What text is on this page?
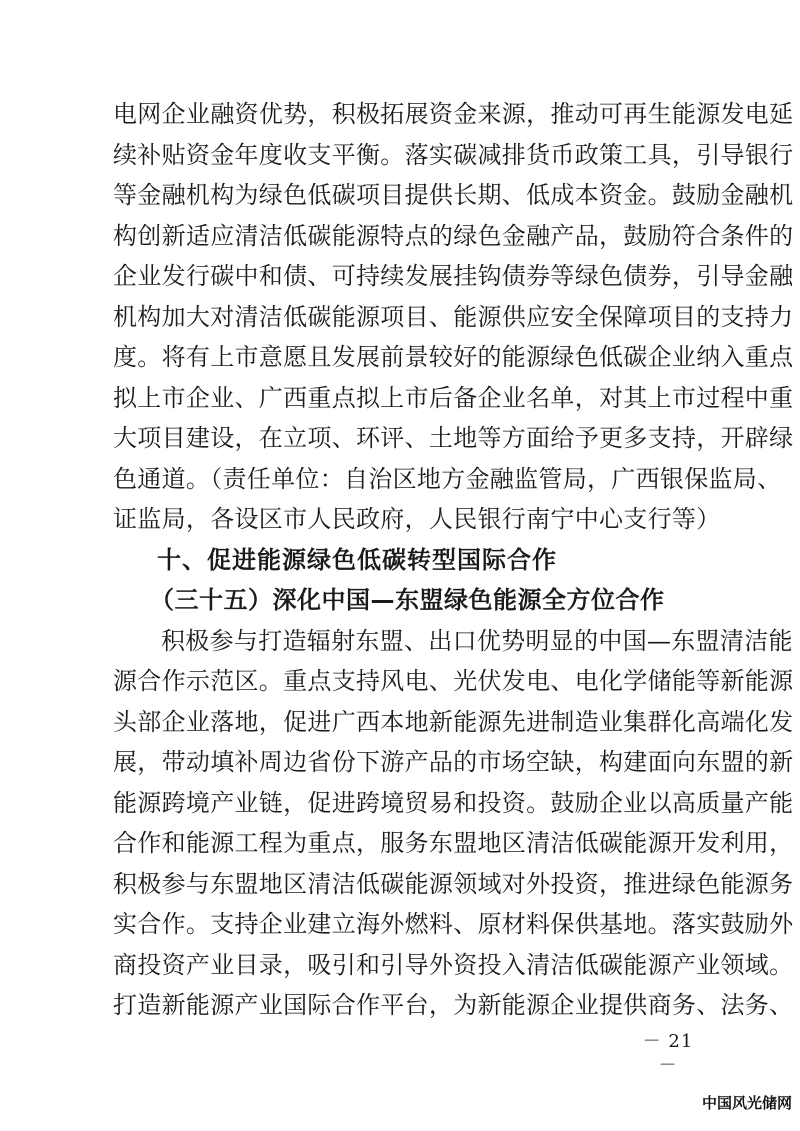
电网企业融资优势，积极拓展资金来源，推动可再生能源发电延
续补贴资金年度收支平衡。落实碳减排货币政策工具，引导银行
等金融机构为绿色低碳项目提供长期、低成本资金。鼓励金融机
构创新适应清洁低碳能源特点的绿色金融产品，鼓励符合条件的
企业发行碳中和债、可持续发展挂钩债券等绿色债券，引导金融
机构加大对清洁低碳能源项目、能源供应安全保障项目的支持力
度。将有上市意愿且发展前景较好的能源绿色低碳企业纳入重点
拟上市企业、广西重点拟上市后备企业名单，对其上市过程中重
大项目建设，在立项、环评、土地等方面给予更多支持，开辟绿
色通道。（责任单位：自治区地方金融监管局，广西银保监局、
证监局，各设区市人民政府，人民银行南宁中心支行等）
十、促进能源绿色低碳转型国际合作
（三十五）深化中国—东盟绿色能源全方位合作
积极参与打造辐射东盟、出口优势明显的中国—东盟清洁能
源合作示范区。重点支持风电、光伏发电、电化学储能等新能源
头部企业落地，促进广西本地新能源先进制造业集群化高端化发
展，带动填补周边省份下游产品的市场空缺，构建面向东盟的新
能源跨境产业链，促进跨境贸易和投资。鼓励企业以高质量产能
合作和能源工程为重点，服务东盟地区清洁低碳能源开发利用，
积极参与东盟地区清洁低碳能源领域对外投资，推进绿色能源务
实合作。支持企业建立海外燃料、原材料保供基地。落实鼓励外
商投资产业目录，吸引和引导外资投入清洁低碳能源产业领域。
打造新能源产业国际合作平台，为新能源企业提供商务、法务、
－ 21 －
中国风光储网
